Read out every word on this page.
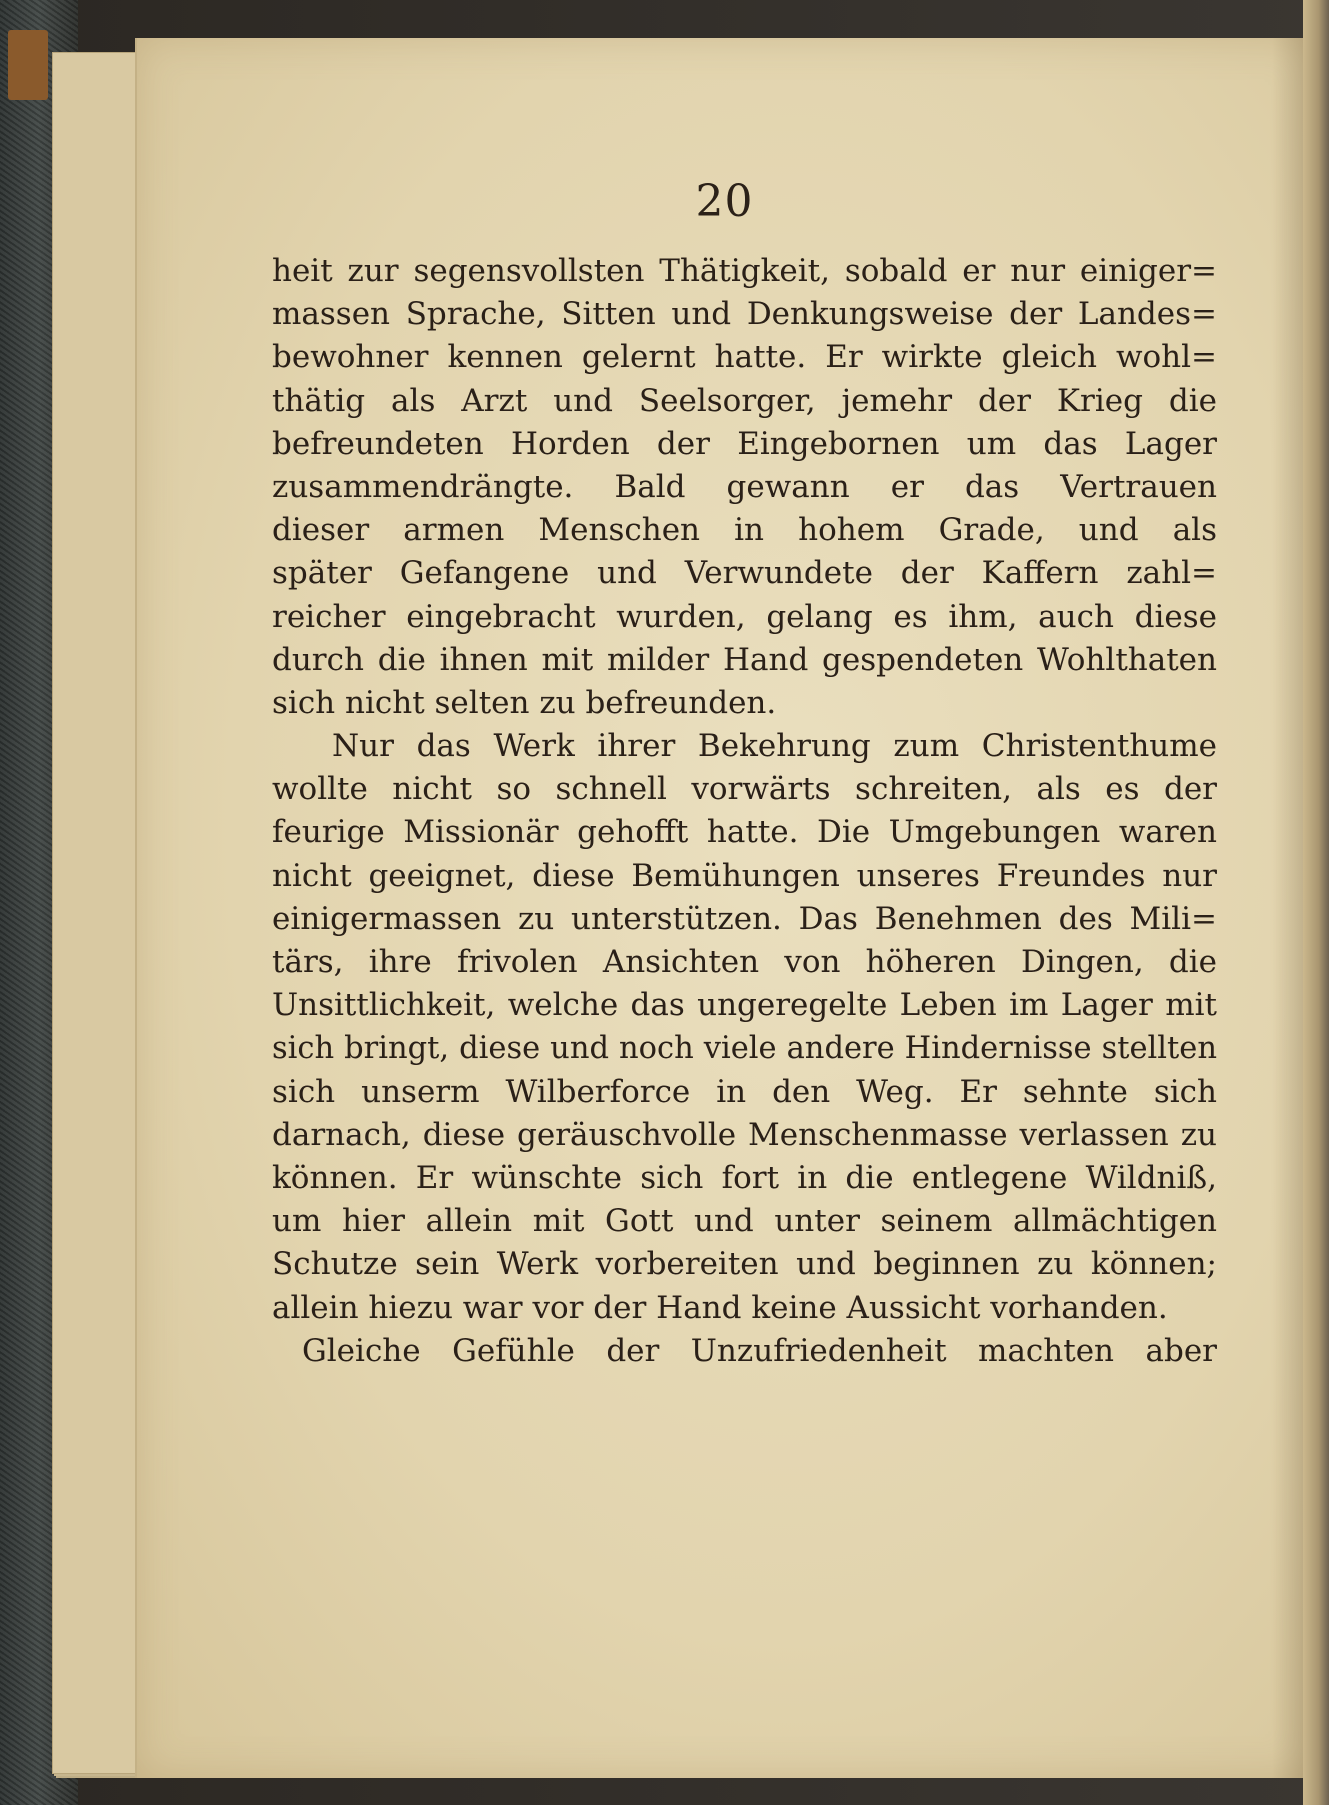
20
heit zur segensvollsten Thätigkeit, sobald er nur einiger=
massen Sprache, Sitten und Denkungsweise der Landes=
bewohner kennen gelernt hatte. Er wirkte gleich wohl=
thätig als Arzt und Seelsorger, jemehr der Krieg die
befreundeten Horden der Eingebornen um das Lager
zusammendrängte. Bald gewann er das Vertrauen
dieser armen Menschen in hohem Grade, und als
später Gefangene und Verwundete der Kaffern zahl=
reicher eingebracht wurden, gelang es ihm, auch diese
durch die ihnen mit milder Hand gespendeten Wohlthaten
sich nicht selten zu befreunden.
Nur das Werk ihrer Bekehrung zum Christenthume
wollte nicht so schnell vorwärts schreiten, als es der
feurige Missionär gehofft hatte. Die Umgebungen waren
nicht geeignet, diese Bemühungen unseres Freundes nur
einigermassen zu unterstützen. Das Benehmen des Mili=
tärs, ihre frivolen Ansichten von höheren Dingen, die
Unsittlichkeit, welche das ungeregelte Leben im Lager mit
sich bringt, diese und noch viele andere Hindernisse stellten
sich unserm Wilberforce in den Weg. Er sehnte sich
darnach, diese geräuschvolle Menschenmasse verlassen zu
können. Er wünschte sich fort in die entlegene Wildniß,
um hier allein mit Gott und unter seinem allmächtigen
Schutze sein Werk vorbereiten und beginnen zu können;
allein hiezu war vor der Hand keine Aussicht vorhanden.
Gleiche Gefühle der Unzufriedenheit machten aber
